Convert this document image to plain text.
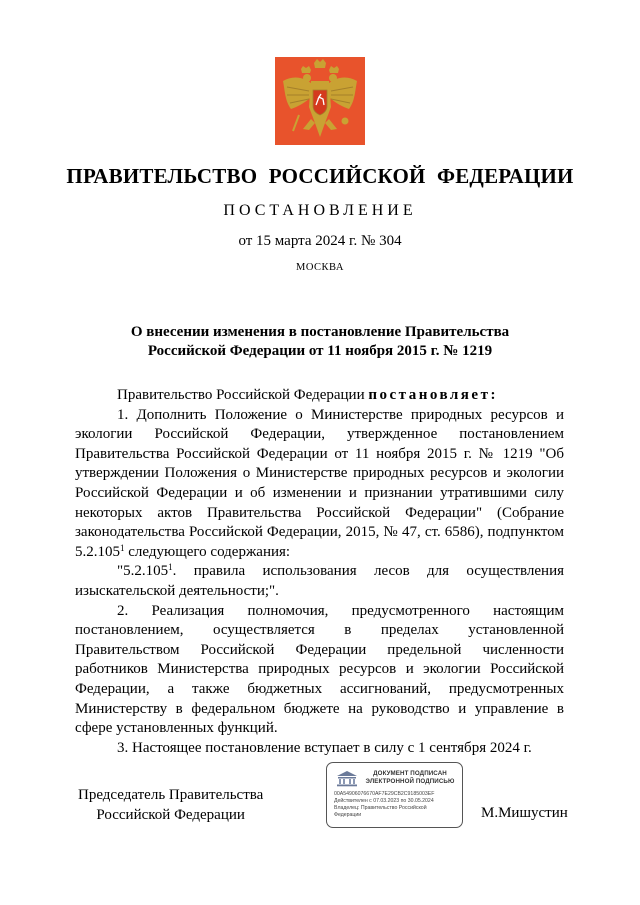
ПРАВИТЕЛЬСТВО РОССИЙСКОЙ ФЕДЕРАЦИИ
ПОСТАНОВЛЕНИЕ
от 15 марта 2024 г. № 304
МОСКВА
О внесении изменения в постановление Правительства
Российской Федерации от 11 ноября 2015 г. № 1219

Правительство Российской Федерации постановляет:

1. Дополнить Положение о Министерстве природных ресурсов и экологии Российской Федерации, утвержденное постановлением Правительства Российской Федерации от 11 ноября 2015 г. № 1219 "Об утверждении Положения о Министерстве природных ресурсов и экологии Российской Федерации и об изменении и признании утратившими силу некоторых актов Правительства Российской Федерации" (Собрание законодательства Российской Федерации, 2015, № 47, ст. 6586), подпунктом 5.2.105$^1$ следующего содержания:

"5.2.105$^1$. правила использования лесов для осуществления изыскательской деятельности;".

2. Реализация полномочия, предусмотренного настоящим постановлением, осуществляется в пределах установленной Правительством Российской Федерации предельной численности работников Министерства природных ресурсов и экологии Российской Федерации, а также бюджетных ассигнований, предусмотренных Министерству в федеральном бюджете на руководство и управление в сфере установленных функций.

3. Настоящее постановление вступает в силу с 1 сентября 2024 г.

Председатель Правительства
Российской Федерации
ДОКУМЕНТ ПОДПИСАН
ЭЛЕКТРОННОЙ ПОДПИСЬЮ
00A54906076670AF7E29CB2C9185003EF
Действителен с 07.03.2023 по 30.05.2024
Владелец: Правительство Российской
Федерации	М.Мишустин
